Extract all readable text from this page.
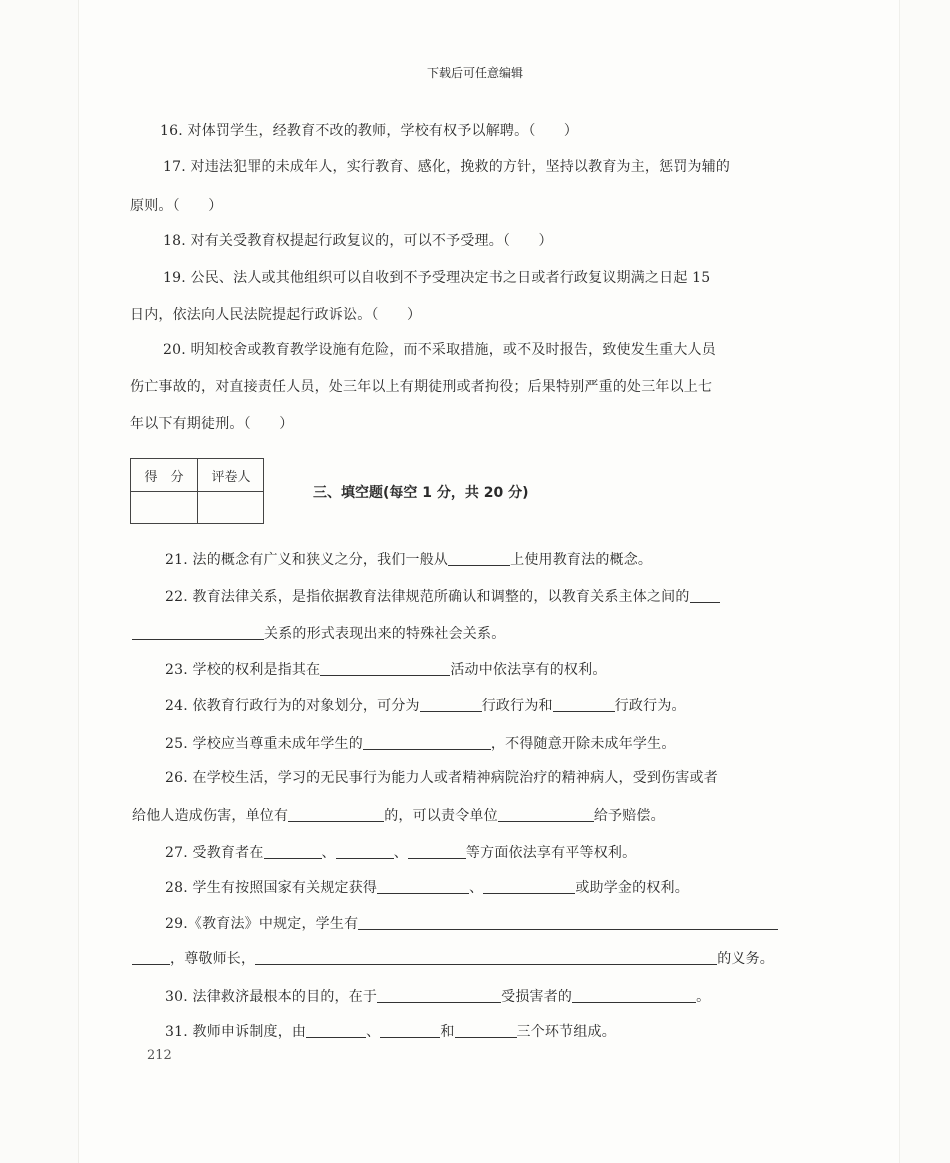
下载后可任意编辑
16. 对体罚学生，经教育不改的教师，学校有权予以解聘。（　　）
17. 对违法犯罪的未成年人，实行教育、感化，挽救的方针，坚持以教育为主，惩罚为辅的
原则。（　　）
18. 对有关受教育权提起行政复议的，可以不予受理。（　　）
19. 公民、法人或其他组织可以自收到不予受理决定书之日或者行政复议期满之日起 15
日内，依法向人民法院提起行政诉讼。（　　）
20. 明知校舍或教育教学设施有危险，而不采取措施，或不及时报告，致使发生重大人员
伤亡事故的，对直接责任人员，处三年以上有期徒刑或者拘役；后果特别严重的处三年以上七
年以下有期徒刑。（　　）
得　分	评卷人
三、填空题(每空 1 分，共 20 分)
21. 法的概念有广义和狭义之分，我们一般从	上使用教育法的概念。
22. 教育法律关系，是指依据教育法律规范所确认和调整的，以教育关系主体之间的
关系的形式表现出来的特殊社会关系。
23. 学校的权利是指其在	活动中依法享有的权利。
24. 依教育行政行为的对象划分，可分为	行政行为和	行政行为。
25. 学校应当尊重未成年学生的	，不得随意开除未成年学生。
26. 在学校生活，学习的无民事行为能力人或者精神病院治疗的精神病人，受到伤害或者
给他人造成伤害，单位有	的，可以责令单位	给予赔偿。
27. 受教育者在	、	、	等方面依法享有平等权利。
28. 学生有按照国家有关规定获得	、	或助学金的权利。
29.《教育法》中规定，学生有
，尊敬师长，	的义务。
30. 法律救济最根本的目的，在于	受损害者的	。
31. 教师申诉制度，由	、	和	三个环节组成。
212
